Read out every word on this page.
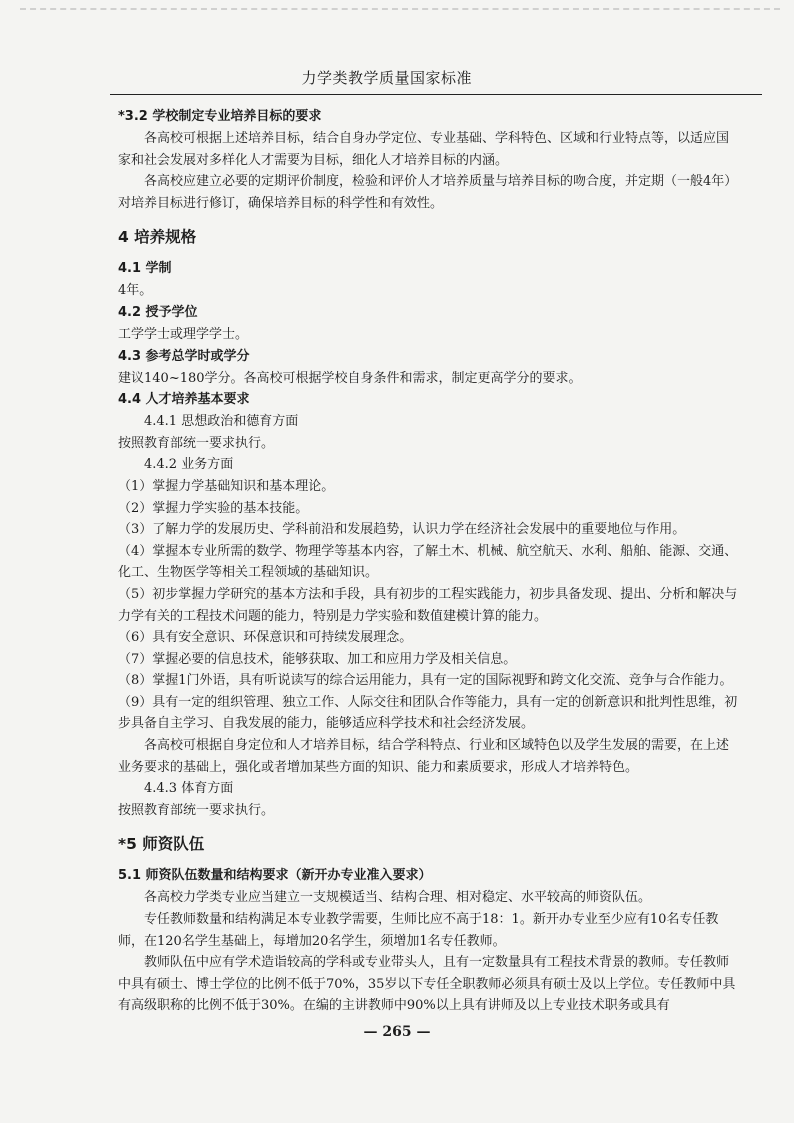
力学类教学质量国家标准

*3.2 学校制定专业培养目标的要求

各高校可根据上述培养目标，结合自身办学定位、专业基础、学科特色、区域和行业特点等，以适应国家和社会发展对多样化人才需要为目标，细化人才培养目标的内涵。

各高校应建立必要的定期评价制度，检验和评价人才培养质量与培养目标的吻合度，并定期（一般4年）对培养目标进行修订，确保培养目标的科学性和有效性。

4 培养规格

4.1 学制

4年。

4.2 授予学位

工学学士或理学学士。

4.3 参考总学时或学分

建议140~180学分。各高校可根据学校自身条件和需求，制定更高学分的要求。

4.4 人才培养基本要求

4.4.1 思想政治和德育方面

按照教育部统一要求执行。

4.4.2 业务方面

（1）掌握力学基础知识和基本理论。

（2）掌握力学实验的基本技能。

（3）了解力学的发展历史、学科前沿和发展趋势，认识力学在经济社会发展中的重要地位与作用。

（4）掌握本专业所需的数学、物理学等基本内容，了解土木、机械、航空航天、水利、船舶、能源、交通、化工、生物医学等相关工程领域的基础知识。

（5）初步掌握力学研究的基本方法和手段，具有初步的工程实践能力，初步具备发现、提出、分析和解决与力学有关的工程技术问题的能力，特别是力学实验和数值建模计算的能力。

（6）具有安全意识、环保意识和可持续发展理念。

（7）掌握必要的信息技术，能够获取、加工和应用力学及相关信息。

（8）掌握1门外语，具有听说读写的综合运用能力，具有一定的国际视野和跨文化交流、竞争与合作能力。

（9）具有一定的组织管理、独立工作、人际交往和团队合作等能力，具有一定的创新意识和批判性思维，初步具备自主学习、自我发展的能力，能够适应科学技术和社会经济发展。

各高校可根据自身定位和人才培养目标，结合学科特点、行业和区域特色以及学生发展的需要，在上述业务要求的基础上，强化或者增加某些方面的知识、能力和素质要求，形成人才培养特色。

4.4.3 体育方面

按照教育部统一要求执行。

*5 师资队伍

5.1 师资队伍数量和结构要求（新开办专业准入要求）

各高校力学类专业应当建立一支规模适当、结构合理、相对稳定、水平较高的师资队伍。

专任教师数量和结构满足本专业教学需要，生师比应不高于18：1。新开办专业至少应有10名专任教师，在120名学生基础上，每增加20名学生，须增加1名专任教师。

教师队伍中应有学术造诣较高的学科或专业带头人，且有一定数量具有工程技术背景的教师。专任教师中具有硕士、博士学位的比例不低于70%，35岁以下专任全职教师必须具有硕士及以上学位。专任教师中具有高级职称的比例不低于30%。在编的主讲教师中90%以上具有讲师及以上专业技术职务或具有

— 265 —
